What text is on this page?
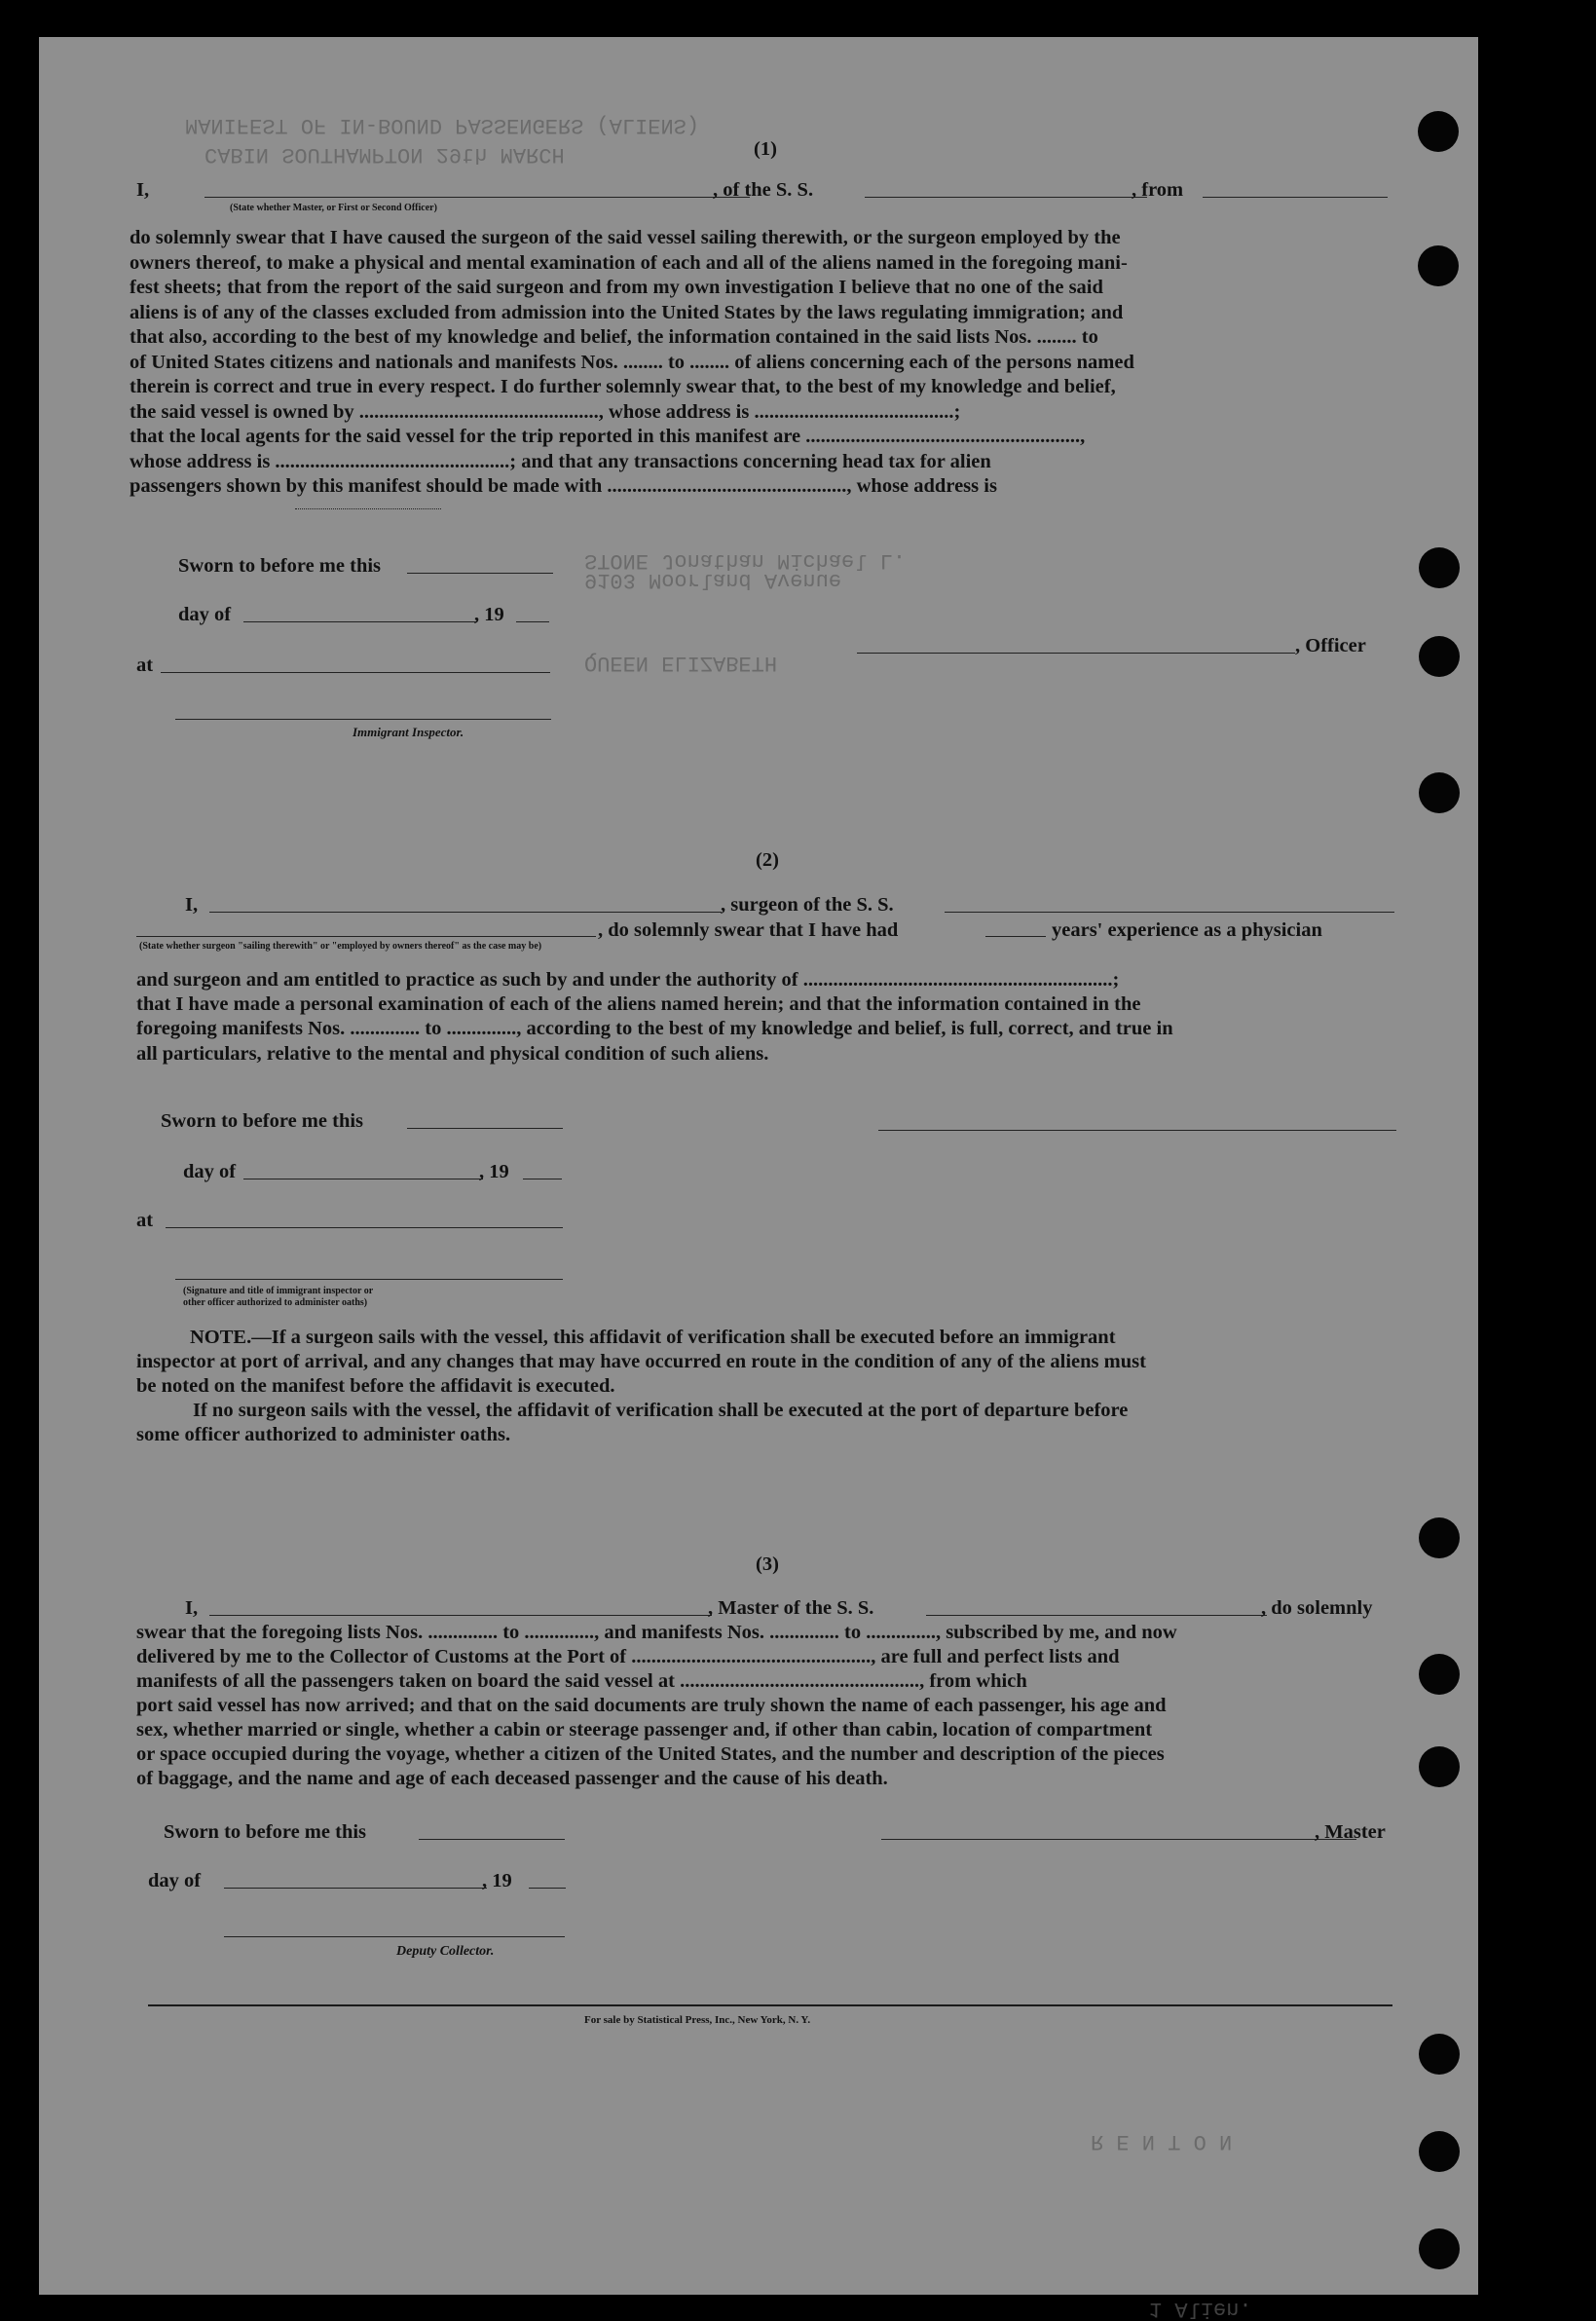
MANIFEST OF IN-BOUND PASSENGERS (ALIENS)
CABIN SOUTHAMPTON 29th MARCH
STONE Jonathan Michael L.
9103 Moorland Avenue
QUEEN ELIZABETH
R E N T O N
1 Alien.
(1)
I,	, of the S. S.	, from
(State whether Master, or First or Second Officer)
do solemnly swear that I have caused the surgeon of the said vessel sailing therewith, or the surgeon employed by the
owners thereof, to make a physical and mental examination of each and all of the aliens named in the foregoing mani-
fest sheets; that from the report of the said surgeon and from my own investigation I believe that no one of the said
aliens is of any of the classes excluded from admission into the United States by the laws regulating immigration; and
that also, according to the best of my knowledge and belief, the information contained in the said lists Nos. ........ to
of United States citizens and nationals and manifests Nos. ........ to ........ of aliens concerning each of the persons named
therein is correct and true in every respect. I do further solemnly swear that, to the best of my knowledge and belief,
the said vessel is owned by ................................................, whose address is ........................................;
that the local agents for the said vessel for the trip reported in this manifest are .......................................................,
whose address is ...............................................; and that any transactions concerning head tax for alien
passengers shown by this manifest should be made with ................................................, whose address is
Sworn to before me this
day of	, 19
at
, Officer
Immigrant Inspector.
(2)
I,	, surgeon of the S. S.
, do solemnly swear that I have had	years' experience as a physician
(State whether surgeon "sailing therewith" or "employed by owners thereof" as the case may be)
and surgeon and am entitled to practice as such by and under the authority of ..............................................................;
that I have made a personal examination of each of the aliens named herein; and that the information contained in the
foregoing manifests Nos. .............. to .............., according to the best of my knowledge and belief, is full, correct, and true in
all particulars, relative to the mental and physical condition of such aliens.
Sworn to before me this
day of	, 19
at
(Signature and title of immigrant inspector or
other officer authorized to administer oaths)
NOTE.—If a surgeon sails with the vessel, this affidavit of verification shall be executed before an immigrant
inspector at port of arrival, and any changes that may have occurred en route in the condition of any of the aliens must
be noted on the manifest before the affidavit is executed.
If no surgeon sails with the vessel, the affidavit of verification shall be executed at the port of departure before
some officer authorized to administer oaths.
(3)
I,	, Master of the S. S.	, do solemnly
swear that the foregoing lists Nos. .............. to .............., and manifests Nos. .............. to .............., subscribed by me, and now
delivered by me to the Collector of Customs at the Port of ................................................, are full and perfect lists and
manifests of all the passengers taken on board the said vessel at ................................................, from which
port said vessel has now arrived; and that on the said documents are truly shown the name of each passenger, his age and
sex, whether married or single, whether a cabin or steerage passenger and, if other than cabin, location of compartment
or space occupied during the voyage, whether a citizen of the United States, and the number and description of the pieces
of baggage, and the name and age of each deceased passenger and the cause of his death.
Sworn to before me this	, Master
day of	, 19
Deputy Collector.
For sale by Statistical Press, Inc., New York, N. Y.
